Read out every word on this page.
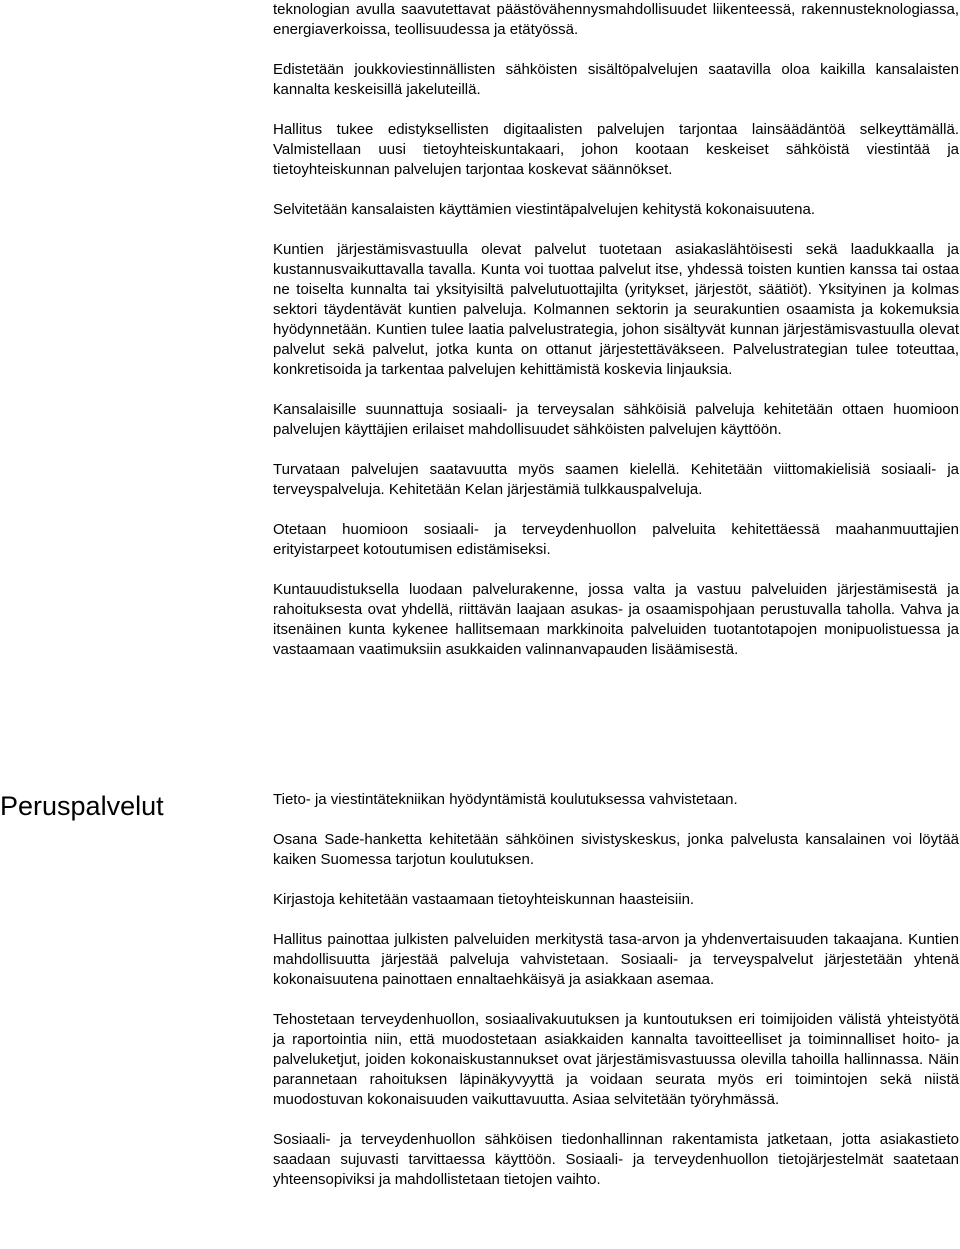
teknologian avulla saavutettavat päästövähennysmahdollisuudet liikenteessä, rakennusteknologiassa, energiaverkoissa, teollisuudessa ja etätyössä.

Edistetään joukkoviestinnällisten sähköisten sisältöpalvelujen saatavilla oloa kaikilla kansalaisten kannalta keskeisillä jakeluteillä.

Hallitus tukee edistyksellisten digitaalisten palvelujen tarjontaa lainsäädäntöä selkeyttämällä. Valmistellaan uusi tietoyhteiskuntakaari, johon kootaan keskeiset sähköistä viestintää ja tietoyhteiskunnan palvelujen tarjontaa koskevat säännökset.

Selvitetään kansalaisten käyttämien viestintäpalvelujen kehitystä kokonaisuutena.

Kuntien järjestämisvastuulla olevat palvelut tuotetaan asiakaslähtöisesti sekä laadukkaalla ja kustannusvaikuttavalla tavalla. Kunta voi tuottaa palvelut itse, yhdessä toisten kuntien kanssa tai ostaa ne toiselta kunnalta tai yksityisiltä palvelutuottajilta (yritykset, järjestöt, säätiöt). Yksityinen ja kolmas sektori täydentävät kuntien palveluja. Kolmannen sektorin ja seurakuntien osaamista ja kokemuksia hyödynnetään. Kuntien tulee laatia palvelustrategia, johon sisältyvät kunnan järjestämisvastuulla olevat palvelut sekä palvelut, jotka kunta on ottanut järjestettäväkseen. Palvelustrategian tulee toteuttaa, konkretisoida ja tarkentaa palvelujen kehittämistä koskevia linjauksia.

Kansalaisille suunnattuja sosiaali- ja terveysalan sähköisiä palveluja kehitetään ottaen huomioon palvelujen käyttäjien erilaiset mahdollisuudet sähköisten palvelujen käyttöön.

Turvataan palvelujen saatavuutta myös saamen kielellä. Kehitetään viittomakielisiä sosiaali- ja terveyspalveluja. Kehitetään Kelan järjestämiä tulkkauspalveluja.

Otetaan huomioon sosiaali- ja terveydenhuollon palveluita kehitettäessä maahanmuuttajien erityistarpeet kotoutumisen edistämiseksi.

Kuntauudistuksella luodaan palvelurakenne, jossa valta ja vastuu palveluiden järjestämisestä ja rahoituksesta ovat yhdellä, riittävän laajaan asukas- ja osaamispohjaan perustuvalla taholla. Vahva ja itsenäinen kunta kykenee hallitsemaan markkinoita palveluiden tuotantotapojen monipuolistuessa ja vastaamaan vaatimuksiin asukkaiden valinnanvapauden lisäämisestä.

Peruspalvelut	Tieto- ja viestintätekniikan hyödyntämistä koulutuksessa vahvistetaan.

Osana Sade-hanketta kehitetään sähköinen sivistyskeskus, jonka palvelusta kansalainen voi löytää kaiken Suomessa tarjotun koulutuksen.

Kirjastoja kehitetään vastaamaan tietoyhteiskunnan haasteisiin.

Hallitus painottaa julkisten palveluiden merkitystä tasa-arvon ja yhdenvertaisuuden takaajana. Kuntien mahdollisuutta järjestää palveluja vahvistetaan. Sosiaali- ja terveyspalvelut järjestetään yhtenä kokonaisuutena painottaen ennaltaehkäisyä ja asiakkaan asemaa.

Tehostetaan terveydenhuollon, sosiaalivakuutuksen ja kuntoutuksen eri toimijoiden välistä yhteistyötä ja raportointia niin, että muodostetaan asiakkaiden kannalta tavoitteelliset ja toiminnalliset hoito- ja palveluketjut, joiden kokonaiskustannukset ovat järjestämisvastuussa olevilla tahoilla hallinnassa. Näin parannetaan rahoituksen läpinäkyvyyttä ja voidaan seurata myös eri toimintojen sekä niistä muodostuvan kokonaisuuden vaikuttavuutta. Asiaa selvitetään työryhmässä.

Sosiaali- ja terveydenhuollon sähköisen tiedonhallinnan rakentamista jatketaan, jotta asiakastieto saadaan sujuvasti tarvittaessa käyttöön. Sosiaali- ja terveydenhuollon tietojärjestelmät saatetaan yhteensopiviksi ja mahdollistetaan tietojen vaihto.
